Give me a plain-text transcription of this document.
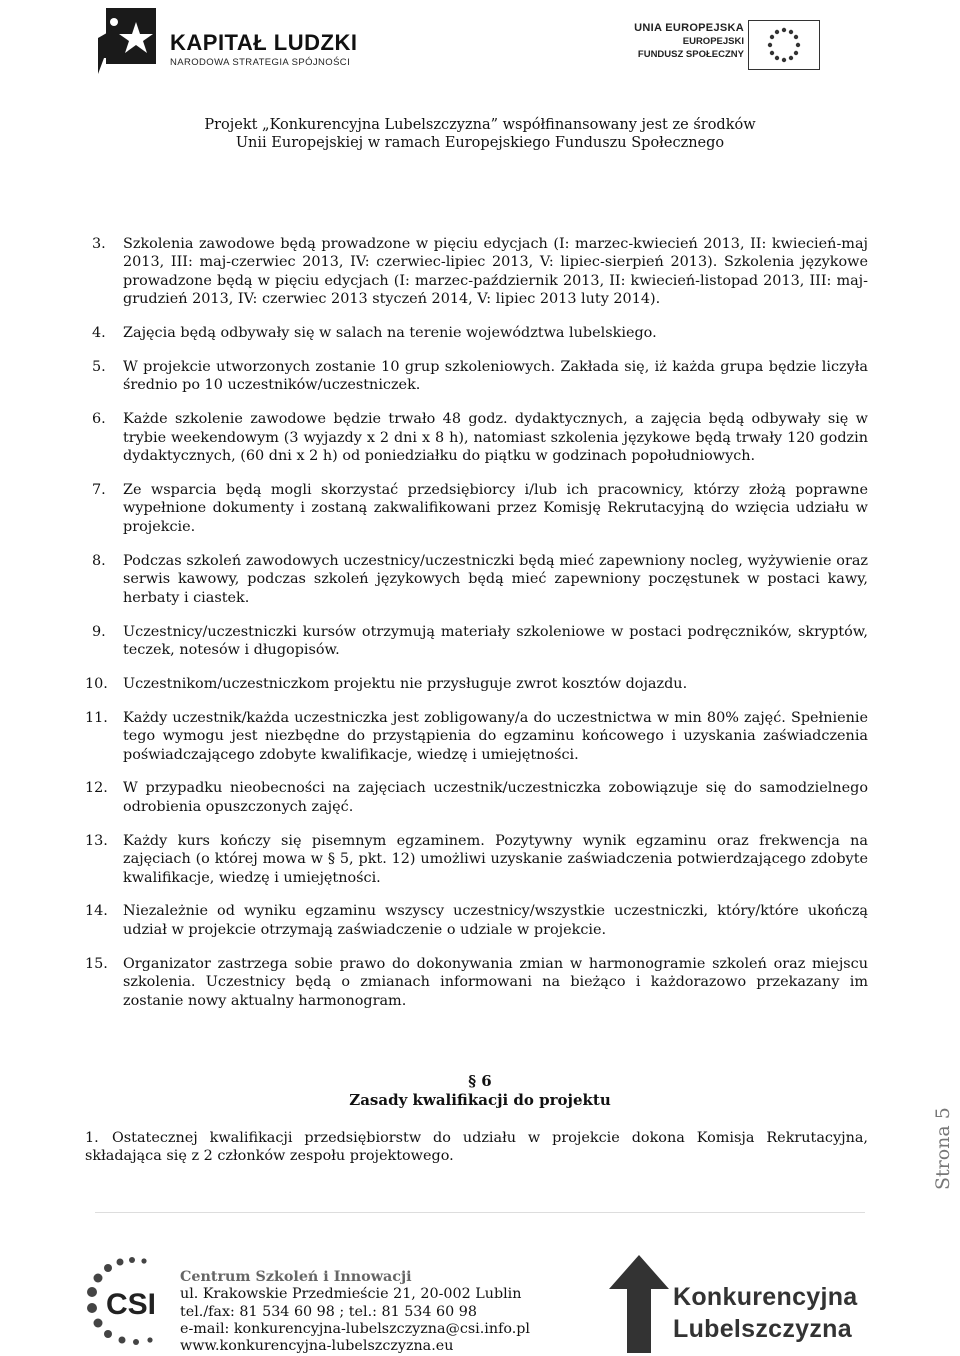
KAPITAŁ LUDZKI
NARODOWA STRATEGIA SPÓJNOŚCI
UNIA EUROPEJSKA
EUROPEJSKI
FUNDUSZ SPOŁECZNY
Projekt „Konkurencyjna Lubelszczyzna” współfinansowany jest ze środków
Unii Europejskiej w ramach Europejskiego Funduszu Społecznego
3. Szkolenia zawodowe będą prowadzone w pięciu edycjach (I: marzec-kwiecień 2013, II: kwiecień-maj 2013, III: maj-czerwiec 2013, IV: czerwiec-lipiec 2013, V: lipiec-sierpień 2013). Szkolenia językowe prowadzone będą w pięciu edycjach (I: marzec-październik 2013, II: kwiecień-listopad 2013, III: maj-grudzień 2013, IV: czerwiec 2013 styczeń 2014, V: lipiec 2013 luty 2014).
4. Zajęcia będą odbywały się w salach na terenie województwa lubelskiego.
5. W projekcie utworzonych zostanie 10 grup szkoleniowych. Zakłada się, iż każda grupa będzie liczyła średnio po 10 uczestników/uczestniczek.
6. Każde szkolenie zawodowe będzie trwało 48 godz. dydaktycznych, a zajęcia będą odbywały się w trybie weekendowym (3 wyjazdy x 2 dni x 8 h), natomiast szkolenia językowe będą trwały 120 godzin dydaktycznych, (60 dni x 2 h) od poniedziałku do piątku w godzinach popołudniowych.
7. Ze wsparcia będą mogli skorzystać przedsiębiorcy i/lub ich pracownicy, którzy złożą poprawne wypełnione dokumenty i zostaną zakwalifikowani przez Komisję Rekrutacyjną do wzięcia udziału w projekcie.
8. Podczas szkoleń zawodowych uczestnicy/uczestniczki będą mieć zapewniony nocleg, wyżywienie oraz serwis kawowy, podczas szkoleń językowych będą mieć zapewniony poczęstunek w postaci kawy, herbaty i ciastek.
9. Uczestnicy/uczestniczki kursów otrzymują materiały szkoleniowe w postaci podręczników, skryptów, teczek, notesów i długopisów.
10. Uczestnikom/uczestniczkom projektu nie przysługuje zwrot kosztów dojazdu.
11. Każdy uczestnik/każda uczestniczka jest zobligowany/a do uczestnictwa w min 80% zajęć. Spełnienie tego wymogu jest niezbędne do przystąpienia do egzaminu końcowego i uzyskania zaświadczenia poświadczającego zdobyte kwalifikacje, wiedzę i umiejętności.
12. W przypadku nieobecności na zajęciach uczestnik/uczestniczka zobowiązuje się do samodzielnego odrobienia opuszczonych zajęć.
13. Każdy kurs kończy się pisemnym egzaminem. Pozytywny wynik egzaminu oraz frekwencja na zajęciach (o której mowa w § 5, pkt. 12) umożliwi uzyskanie zaświadczenia potwierdzającego zdobyte kwalifikacje, wiedzę i umiejętności.
14. Niezależnie od wyniku egzaminu wszyscy uczestnicy/wszystkie uczestniczki, który/które ukończą udział w projekcie otrzymają zaświadczenie o udziale w projekcie.
15. Organizator zastrzega sobie prawo do dokonywania zmian w harmonogramie szkoleń oraz miejscu szkolenia. Uczestnicy będą o zmianach informowani na bieżąco i każdorazowo przekazany im zostanie nowy aktualny harmonogram.
§ 6
Zasady kwalifikacji do projektu
1. Ostatecznej kwalifikacji przedsiębiorstw do udziału w projekcie dokona Komisja Rekrutacyjna, składająca się z 2 członków zespołu projektowego.	Strona 5
CSI
Centrum Szkoleń i Innowacji
ul. Krakowskie Przedmieście 21, 20-002 Lublin
tel./fax: 81 534 60 98 ; tel.: 81 534 60 98
e-mail: konkurencyjna-lubelszczyzna@csi.info.pl
www.konkurencyjna-lubelszczyzna.eu
Konkurencyjna
Lubelszczyzna
